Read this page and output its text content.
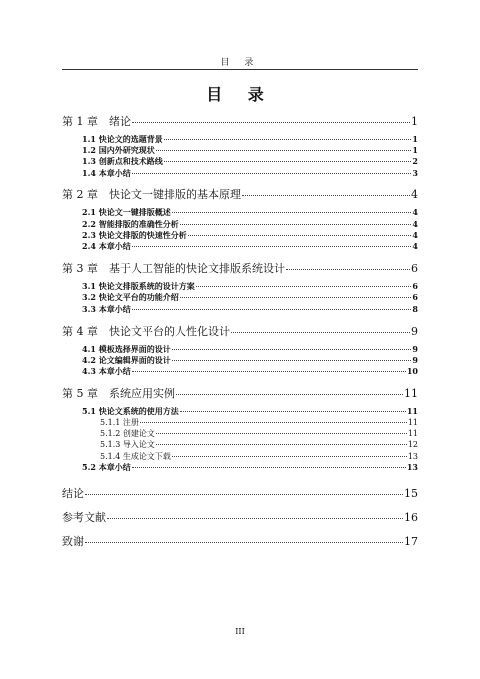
目 录
目 录
第 1 章　绪论	1
1.1 快论文的选题背景	1
1.2 国内外研究现状	1
1.3 创新点和技术路线	2
1.4 本章小结	3
第 2 章　快论文一键排版的基本原理	4
2.1 快论文一键排版概述	4
2.2 智能排版的准确性分析	4
2.3 快论文排版的快速性分析	4
2.4 本章小结	4
第 3 章　基于人工智能的快论文排版系统设计	6
3.1 快论文排版系统的设计方案	6
3.2 快论文平台的功能介绍	6
3.3 本章小结	8
第 4 章　快论文平台的人性化设计	9
4.1 模板选择界面的设计	9
4.2 论文编辑界面的设计	9
4.3 本章小结	10
第 5 章　系统应用实例	11
5.1 快论文系统的使用方法	11
5.1.1 注册	11
5.1.2 创建论文	11
5.1.3 导入论文	12
5.1.4 生成论文下载	13
5.2 本章小结	13
结论	15
参考文献	16
致谢	17
III
